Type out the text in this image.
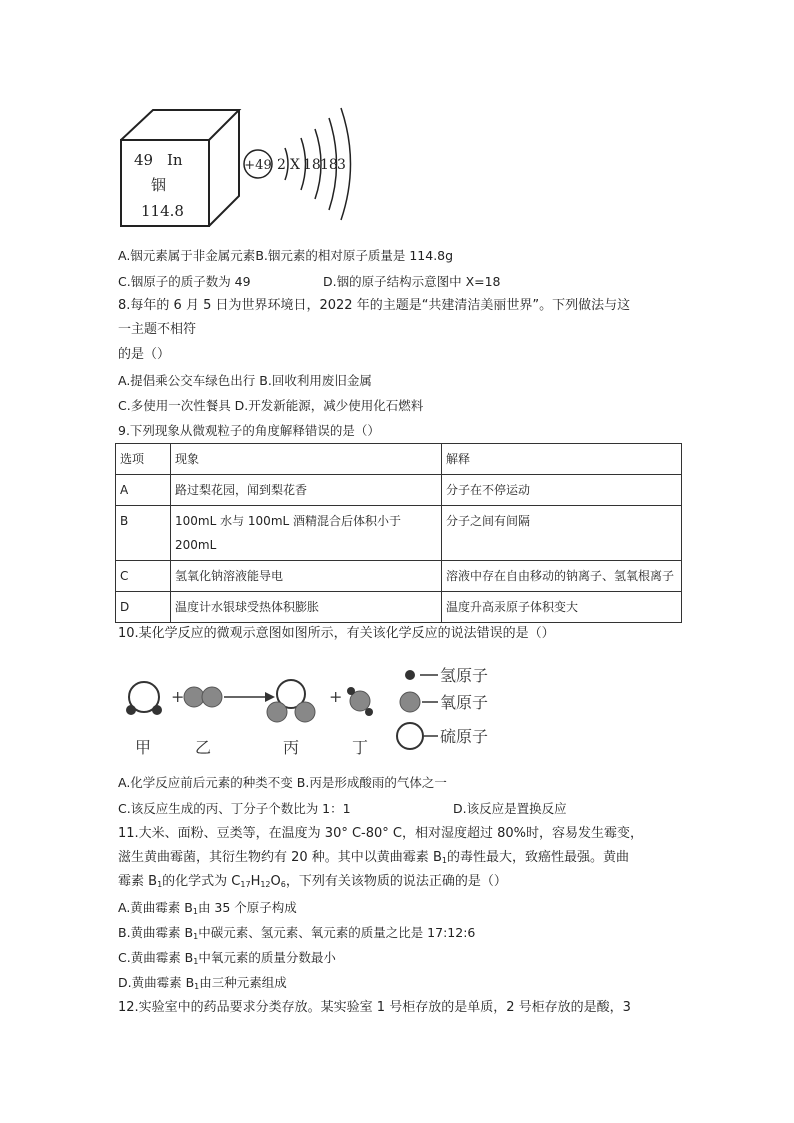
49 In
铟
114.8
+49 2 X 18 18 3
A.铟元素属于非金属元素B.铟元素的相对原子质量是 114.8g
C.铟原子的质子数为 49	D.铟的原子结构示意图中 X=18
8.每年的 6 月 5 日为世界环境日，2022 年的主题是“共建清洁美丽世界”。下列做法与这
一主题不相符
的是（）
A.提倡乘公交车绿色出行 B.回收利用废旧金属
C.多使用一次性餐具 D.开发新能源，减少使用化石燃料
9.下列现象从微观粒子的角度解释错误的是（）
选项	现象	解释
A	路过梨花园，闻到梨花香	分子在不停运动
B	100mL 水与 100mL 酒精混合后体积小于 200mL	分子之间有间隔
C	氢氧化钠溶液能导电	溶液中存在自由移动的钠离子、氢氧根离子
D	温度计水银球受热体积膨胀	温度升高汞原子体积变大
10.某化学反应的微观示意图如图所示，有关该化学反应的说法错误的是（）
+	+
甲	乙	丙	丁
氢原子
氧原子
硫原子
A.化学反应前后元素的种类不变 B.丙是形成酸雨的气体之一
C.该反应生成的丙、丁分子个数比为 1：1	D.该反应是置换反应
11.大米、面粉、豆类等，在温度为 30° C-80° C，相对湿度超过 80%时，容易发生霉变，
滋生黄曲霉菌，其衍生物约有 20 种。其中以黄曲霉素 $B_1$的毒性最大，致癌性最强。黄曲
霉素 $B_1$的化学式为 $C_{17}H_{12}O_6$，下列有关该物质的说法正确的是（）
A.黄曲霉素 $B_1$由 35 个原子构成
B.黄曲霉素 $B_1$中碳元素、氢元素、氧元素的质量之比是 17:12:6
C.黄曲霉素 $B_1$中氧元素的质量分数最小
D.黄曲霉素 $B_1$由三种元素组成
12.实验室中的药品要求分类存放。某实验室 1 号柜存放的是单质，2 号柜存放的是酸，3
